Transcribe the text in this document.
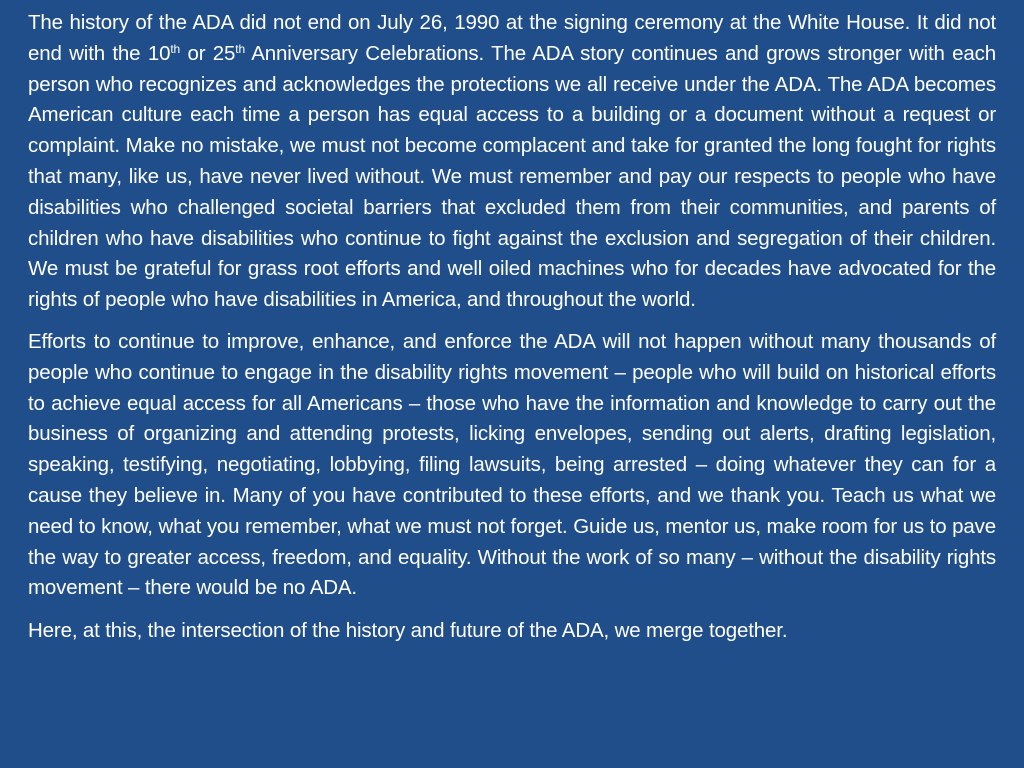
The history of the ADA did not end on July 26, 1990 at the signing ceremony at the White House. It did not end with the 10th or 25th Anniversary Celebrations. The ADA story continues and grows stronger with each person who recognizes and acknowledges the protections we all receive under the ADA. The ADA becomes American culture each time a person has equal access to a building or a document without a request or complaint. Make no mistake, we must not become complacent and take for granted the long fought for rights that many, like us, have never lived without. We must remember and pay our respects to people who have disabilities who challenged societal barriers that excluded them from their communities, and parents of children who have disabilities who continue to fight against the exclusion and segregation of their children. We must be grateful for grass root efforts and well oiled machines who for decades have advocated for the rights of people who have disabilities in America, and throughout the world.

Efforts to continue to improve, enhance, and enforce the ADA will not happen without many thousands of people who continue to engage in the disability rights movement – people who will build on historical efforts to achieve equal access for all Americans – those who have the information and knowledge to carry out the business of organizing and attending protests, licking envelopes, sending out alerts, drafting legislation, speaking, testifying, negotiating, lobbying, filing lawsuits, being arrested – doing whatever they can for a cause they believe in. Many of you have contributed to these efforts, and we thank you. Teach us what we need to know, what you remember, what we must not forget. Guide us, mentor us, make room for us to pave the way to greater access, freedom, and equality. Without the work of so many – without the disability rights movement – there would be no ADA.

Here, at this, the intersection of the history and future of the ADA, we merge together.
